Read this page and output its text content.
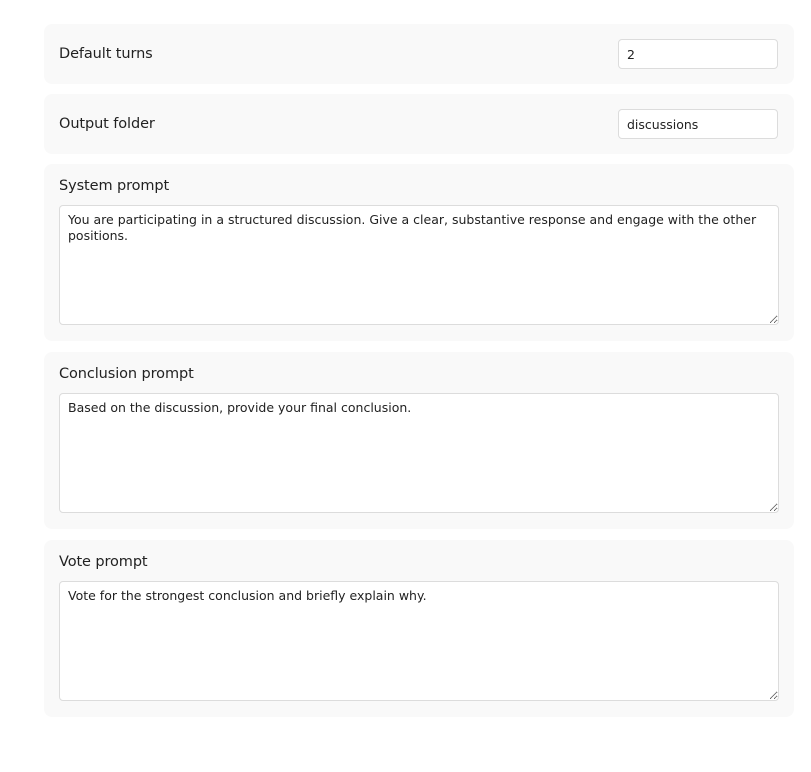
Default turns
2
Output folder
discussions
System prompt
You are participating in a structured discussion. Give a clear, substantive response and engage with the other positions.
Conclusion prompt
Based on the discussion, provide your final conclusion.
Vote prompt
Vote for the strongest conclusion and briefly explain why.
